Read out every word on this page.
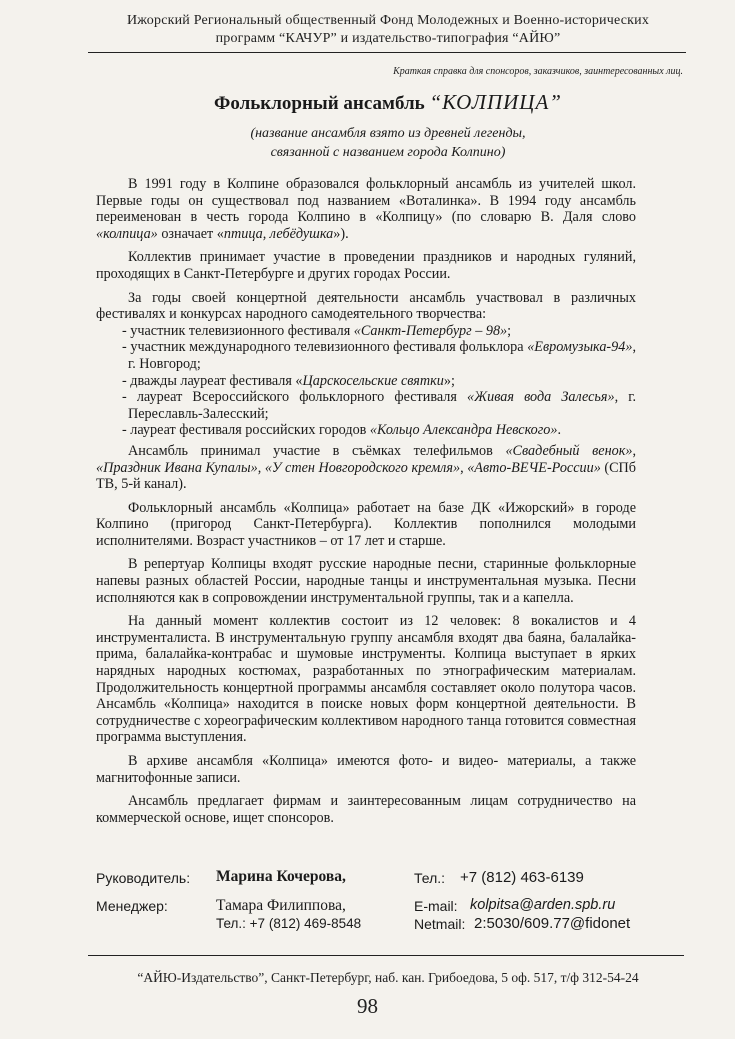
Ижорский Региональный общественный Фонд Молодежных и Военно-исторических
программ “КАЧУР” и издательство-типография “АЙЮ”
Краткая справка для спонсоров, заказчиков, заинтересованных лиц.
Фольклорный ансамбль “КОЛПИЦА”
(название ансамбля взято из древней легенды,
связанной с названием города Колпино)

В 1991 году в Колпине образовался фольклорный ансамбль из учителей школ. Первые годы он существовал под названием «Воталинка». В 1994 году ансамбль переименован в честь города Колпино в «Колпицу» (по словарю В. Даля слово «колпица» означает «птица, лебёдушка»).

Коллектив принимает участие в проведении праздников и народных гуляний, проходящих в Санкт-Петербурге и других городах России.

За годы своей концертной деятельности ансамбль участвовал в различных фестивалях и конкурсах народного самодеятельного творчества:

- участник телевизионного фестиваля «Санкт-Петербург – 98»;
- участник международного телевизионного фестиваля фольклора «Евромузыка-94», г. Новгород;
- дважды лауреат фестиваля «Царскосельские святки»;
- лауреат Всероссийского фольклорного фестиваля «Живая вода Залесья», г. Переславль-Залесский;
- лауреат фестиваля российских городов «Кольцо Александра Невского».

Ансамбль принимал участие в съёмках телефильмов «Свадебный венок», «Праздник Ивана Купалы», «У стен Новгородского кремля», «Авто-ВЕЧЕ-России» (СПб ТВ, 5-й канал).

Фольклорный ансамбль «Колпица» работает на базе ДК «Ижорский» в городе Колпино (пригород Санкт-Петербурга). Коллектив пополнился молодыми исполнителями. Возраст участников – от 17 лет и старше.

В репертуар Колпицы входят русские народные песни, старинные фольклорные напевы разных областей России, народные танцы и инструментальная музыка. Песни исполняются как в сопровождении инструментальной группы, так и а капелла.

На данный момент коллектив состоит из 12 человек: 8 вокалистов и 4 инструменталиста. В инструментальную группу ансамбля входят два баяна, балалайка-прима, балалайка-контрабас и шумовые инструменты. Колпица выступает в ярких нарядных народных костюмах, разработанных по этнографическим материалам. Продолжительность концертной программы ансамбля составляет около полутора часов. Ансамбль «Колпица» находится в поиске новых форм концертной деятельности. В сотрудничестве с хореографическим коллективом народного танца готовится совместная программа выступления.

В архиве ансамбля «Колпица» имеются фото- и видео- материалы, а также магнитофонные записи.

Ансамбль предлагает фирмам и заинтересованным лицам сотрудничество на коммерческой основе, ищет спонсоров.

Руководитель: Марина Кочерова,	Тел.: +7 (812) 463-6139
Менеджер:	Тамара Филиппова,
Тел.: +7 (812) 469-8548
E-mail: kolpitsa@arden.spb.ru
Netmail: 2:5030/609.77@fidonet
“АЙЮ-Издательство”, Санкт-Петербург, наб. кан. Грибоедова, 5 оф. 517, т/ф 312-54-24
98
